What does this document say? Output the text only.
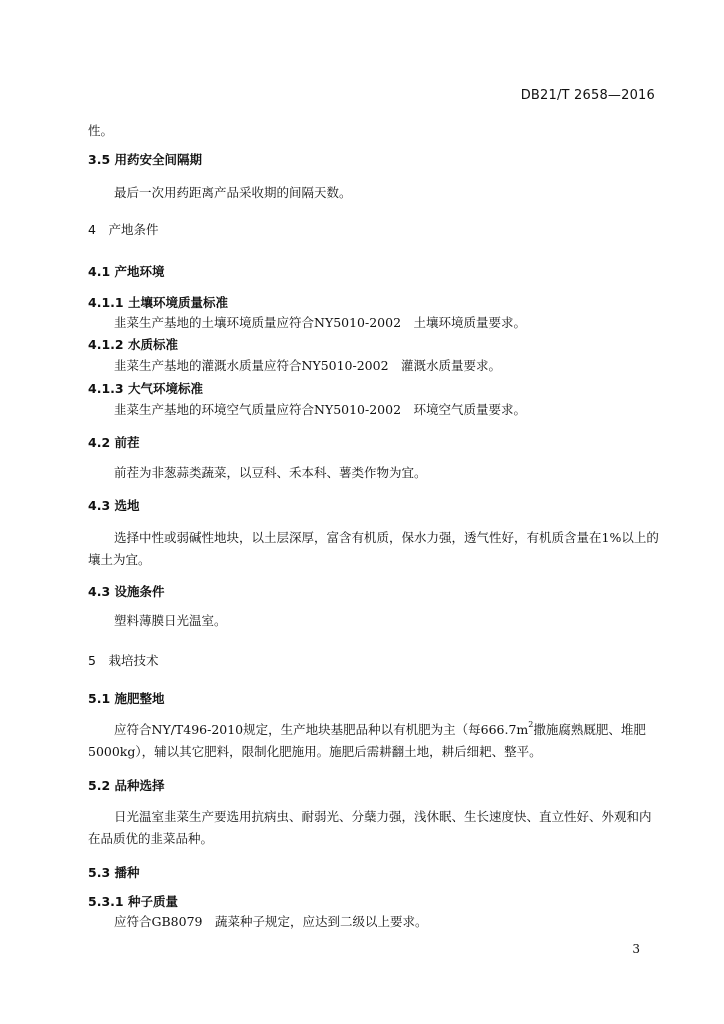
DB21/T 2658—2016
性。
3.5 用药安全间隔期
最后一次用药距离产品采收期的间隔天数。
4　产地条件
4.1 产地环境
4.1.1 土壤环境质量标准
韭菜生产基地的土壤环境质量应符合NY5010-2002　土壤环境质量要求。
4.1.2 水质标准
韭菜生产基地的灌溉水质量应符合NY5010-2002　灌溉水质量要求。
4.1.3 大气环境标准
韭菜生产基地的环境空气质量应符合NY5010-2002　环境空气质量要求。
4.2 前茬
前茬为非葱蒜类蔬菜，以豆科、禾本科、薯类作物为宜。
4.3 选地
选择中性或弱碱性地块，以土层深厚，富含有机质，保水力强，透气性好，有机质含量在1%以上的
壤土为宜。
4.3 设施条件
塑料薄膜日光温室。
5　栽培技术
5.1 施肥整地
应符合NY/T496-2010规定，生产地块基肥品种以有机肥为主（每$666.7m^2$撒施腐熟厩肥、堆肥
5000kg），辅以其它肥料，限制化肥施用。施肥后需耕翻土地，耕后细耙、整平。
5.2 品种选择
日光温室韭菜生产要选用抗病虫、耐弱光、分蘖力强，浅休眠、生长速度快、直立性好、外观和内
在品质优的韭菜品种。
5.3 播种
5.3.1 种子质量
应符合GB8079　蔬菜种子规定，应达到二级以上要求。
3
